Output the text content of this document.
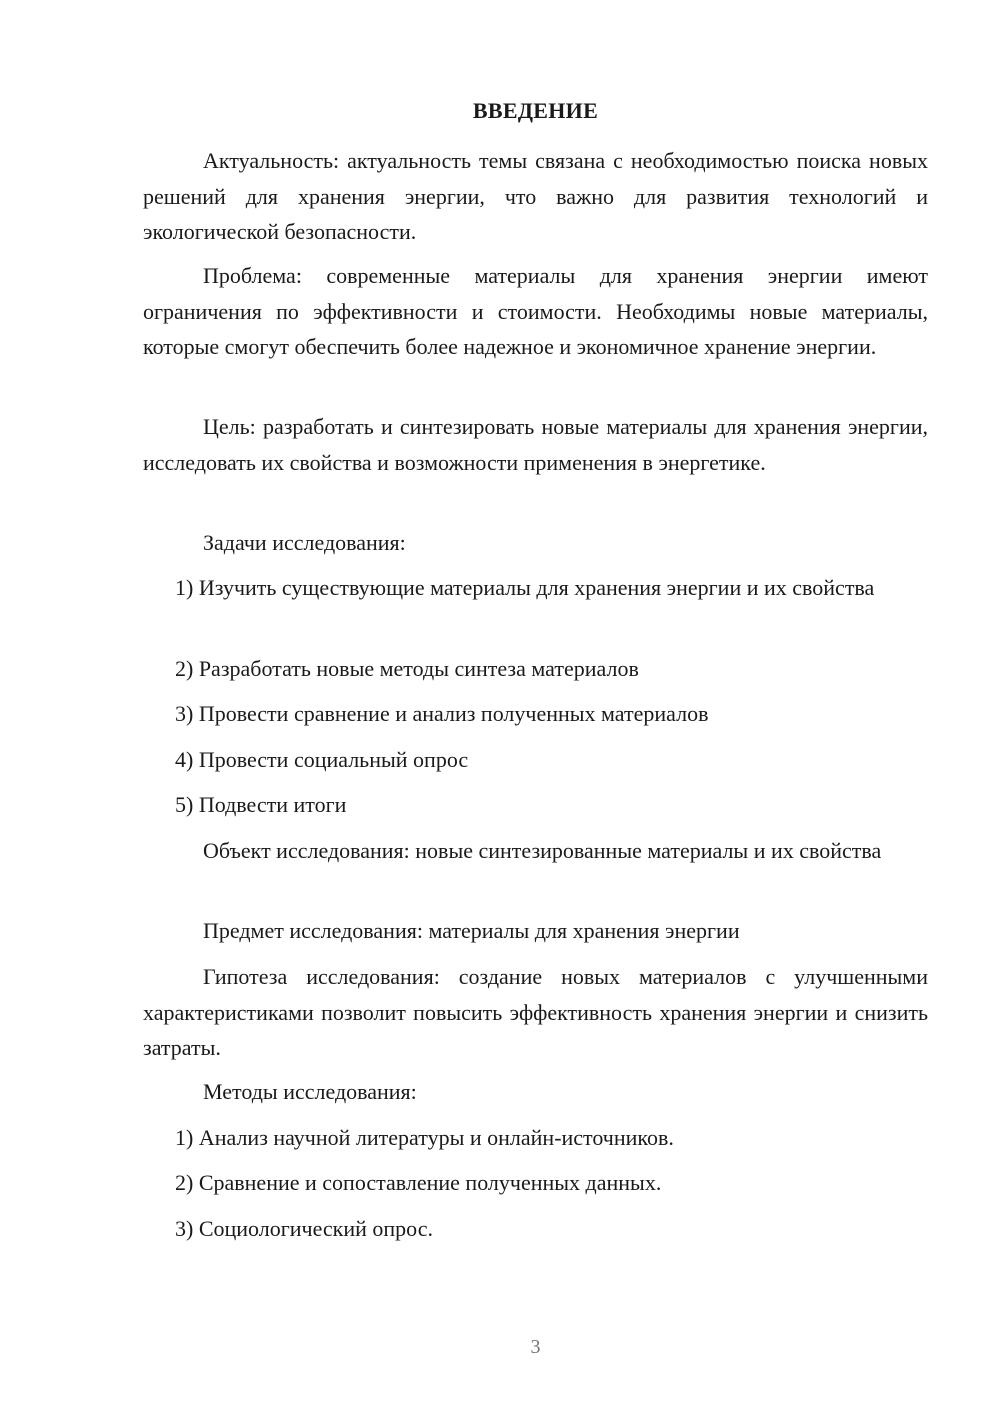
ВВЕДЕНИЕ

Актуальность: актуальность темы связана с необходимостью поиска новых решений для хранения энергии, что важно для развития технологий и экологической безопасности.

Проблема: современные материалы для хранения энергии имеют ограничения по эффективности и стоимости. Необходимы новые материалы, которые смогут обеспечить более надежное и экономичное хранение энергии.

Цель: разработать и синтезировать новые материалы для хранения энергии, исследовать их свойства и возможности применения в энергетике.

Задачи исследования:

1) Изучить существующие материалы для хранения энергии и их свойства

2) Разработать новые методы синтеза материалов

3) Провести сравнение и анализ полученных материалов

4) Провести социальный опрос

5) Подвести итоги

Объект исследования: новые синтезированные материалы и их свойства

Предмет исследования: материалы для хранения энергии

Гипотеза исследования: создание новых материалов с улучшенными характеристиками позволит повысить эффективность хранения энергии и снизить затраты.

Методы исследования:

1) Анализ научной литературы и онлайн-источников.

2) Сравнение и сопоставление полученных данных.

3) Социологический опрос.

3
